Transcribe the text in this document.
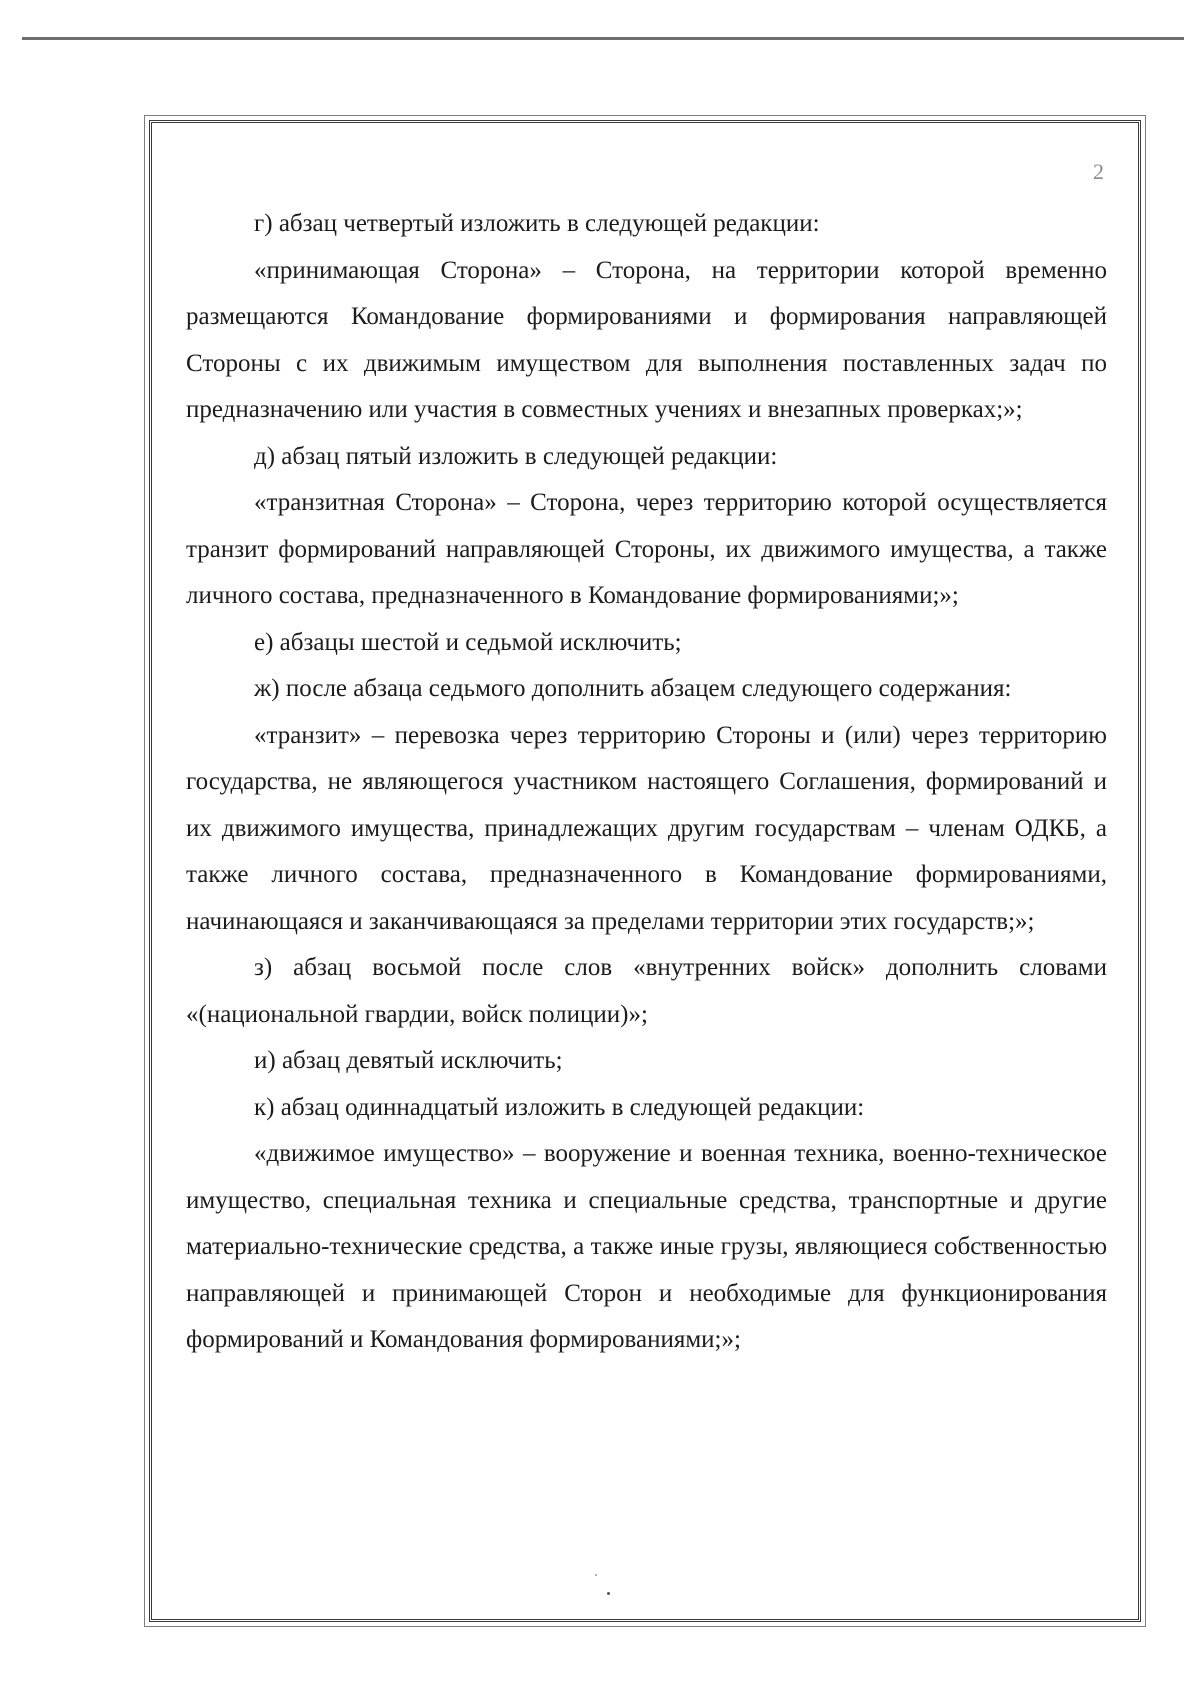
2

г) абзац четвертый изложить в следующей редакции:

«принимающая Сторона» – Сторона, на территории которой временно размещаются Командование формированиями и формирования направляющей Стороны с их движимым имуществом для выполнения поставленных задач по предназначению или участия в совместных учениях и внезапных проверках;»;

д) абзац пятый изложить в следующей редакции:

«транзитная Сторона» – Сторона, через территорию которой осуществляется транзит формирований направляющей Стороны, их движимого имущества, а также личного состава, предназначенного в Командование формированиями;»;

е) абзацы шестой и седьмой исключить;

ж) после абзаца седьмого дополнить абзацем следующего содержания:

«транзит» – перевозка через территорию Стороны и (или) через территорию государства, не являющегося участником настоящего Соглашения, формирований и их движимого имущества, принадлежащих другим государствам – членам ОДКБ, а также личного состава, предназначенного в Командование формированиями, начинающаяся и заканчивающаяся за пределами территории этих государств;»;

з) абзац восьмой после слов «внутренних войск» дополнить словами «(национальной гвардии, войск полиции)»;

и) абзац девятый исключить;

к) абзац одиннадцатый изложить в следующей редакции:

«движимое имущество» – вооружение и военная техника, военно-техническое имущество, специальная техника и специальные средства, транспортные и другие материально-технические средства, а также иные грузы, являющиеся собственностью направляющей и принимающей Сторон и необходимые для функционирования формирований и Командования формированиями;»;
